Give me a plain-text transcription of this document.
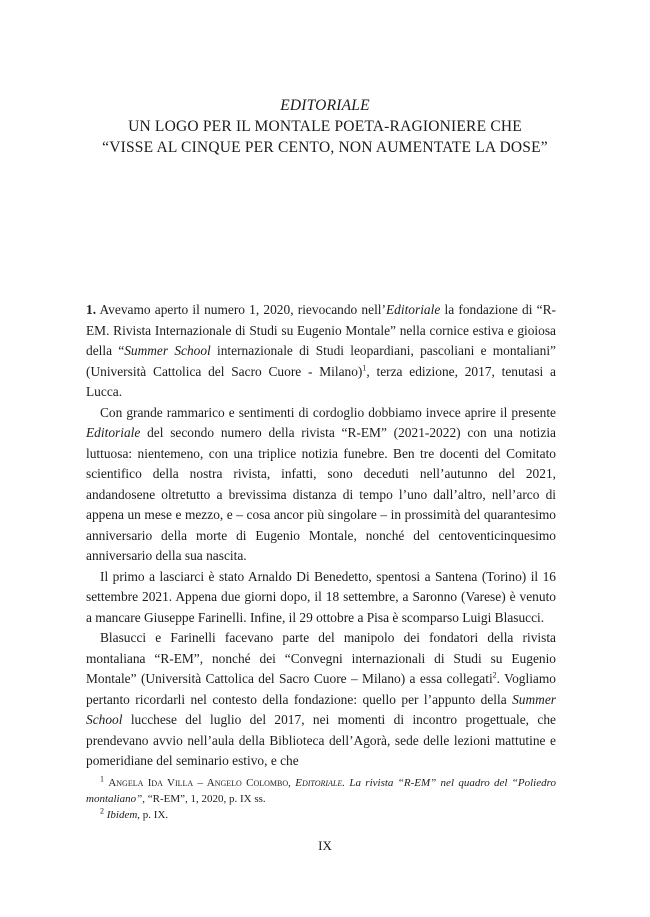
EDITORIALE
UN LOGO PER IL MONTALE POETA-RAGIONIERE CHE
“VISSE AL CINQUE PER CENTO, NON AUMENTATE LA DOSE”

1. Avevamo aperto il numero 1, 2020, rievocando nell’Editoriale la fondazione di “R-EM. Rivista Internazionale di Studi su Eugenio Montale” nella cornice estiva e gioiosa della “Summer School internazionale di Studi leopardiani, pascoliani e montaliani” (Università Cattolica del Sacro Cuore - Milano)$^1$, terza edizione, 2017, tenutasi a Lucca.

Con grande rammarico e sentimenti di cordoglio dobbiamo invece aprire il presente Editoriale del secondo numero della rivista “R-EM” (2021-2022) con una notizia luttuosa: nientemeno, con una triplice notizia funebre. Ben tre docenti del Comitato scientifico della nostra rivista, infatti, sono deceduti nell’autunno del 2021, andandosene oltretutto a brevissima distanza di tempo l’uno dall’altro, nell’arco di appena un mese e mezzo, e – cosa ancor più singolare – in prossimità del quarantesimo anniversario della morte di Eugenio Montale, nonché del centoventicinquesimo anniversario della sua nascita.

Il primo a lasciarci è stato Arnaldo Di Benedetto, spentosi a Santena (Torino) il 16 settembre 2021. Appena due giorni dopo, il 18 settembre, a Saronno (Varese) è venuto a mancare Giuseppe Farinelli. Infine, il 29 ottobre a Pisa è scomparso Luigi Blasucci.

Blasucci e Farinelli facevano parte del manipolo dei fondatori della rivista montaliana “R-EM”, nonché dei “Convegni internazionali di Studi su Eugenio Montale” (Università Cattolica del Sacro Cuore – Milano) a essa collegati$^2$. Vogliamo pertanto ricordarli nel contesto della fondazione: quello per l’appunto della Summer School lucchese del luglio del 2017, nei momenti di incontro progettuale, che prendevano avvio nell’aula della Biblioteca dell’Agorà, sede delle lezioni mattutine e pomeridiane del seminario estivo, e che

$^1$ Angela Ida Villa – Angelo Colombo, Editoriale. La rivista “R-EM” nel quadro del “Poliedro montaliano”, “R-EM”, 1, 2020, p. IX ss.

$^2$ Ibidem, p. IX.

IX
